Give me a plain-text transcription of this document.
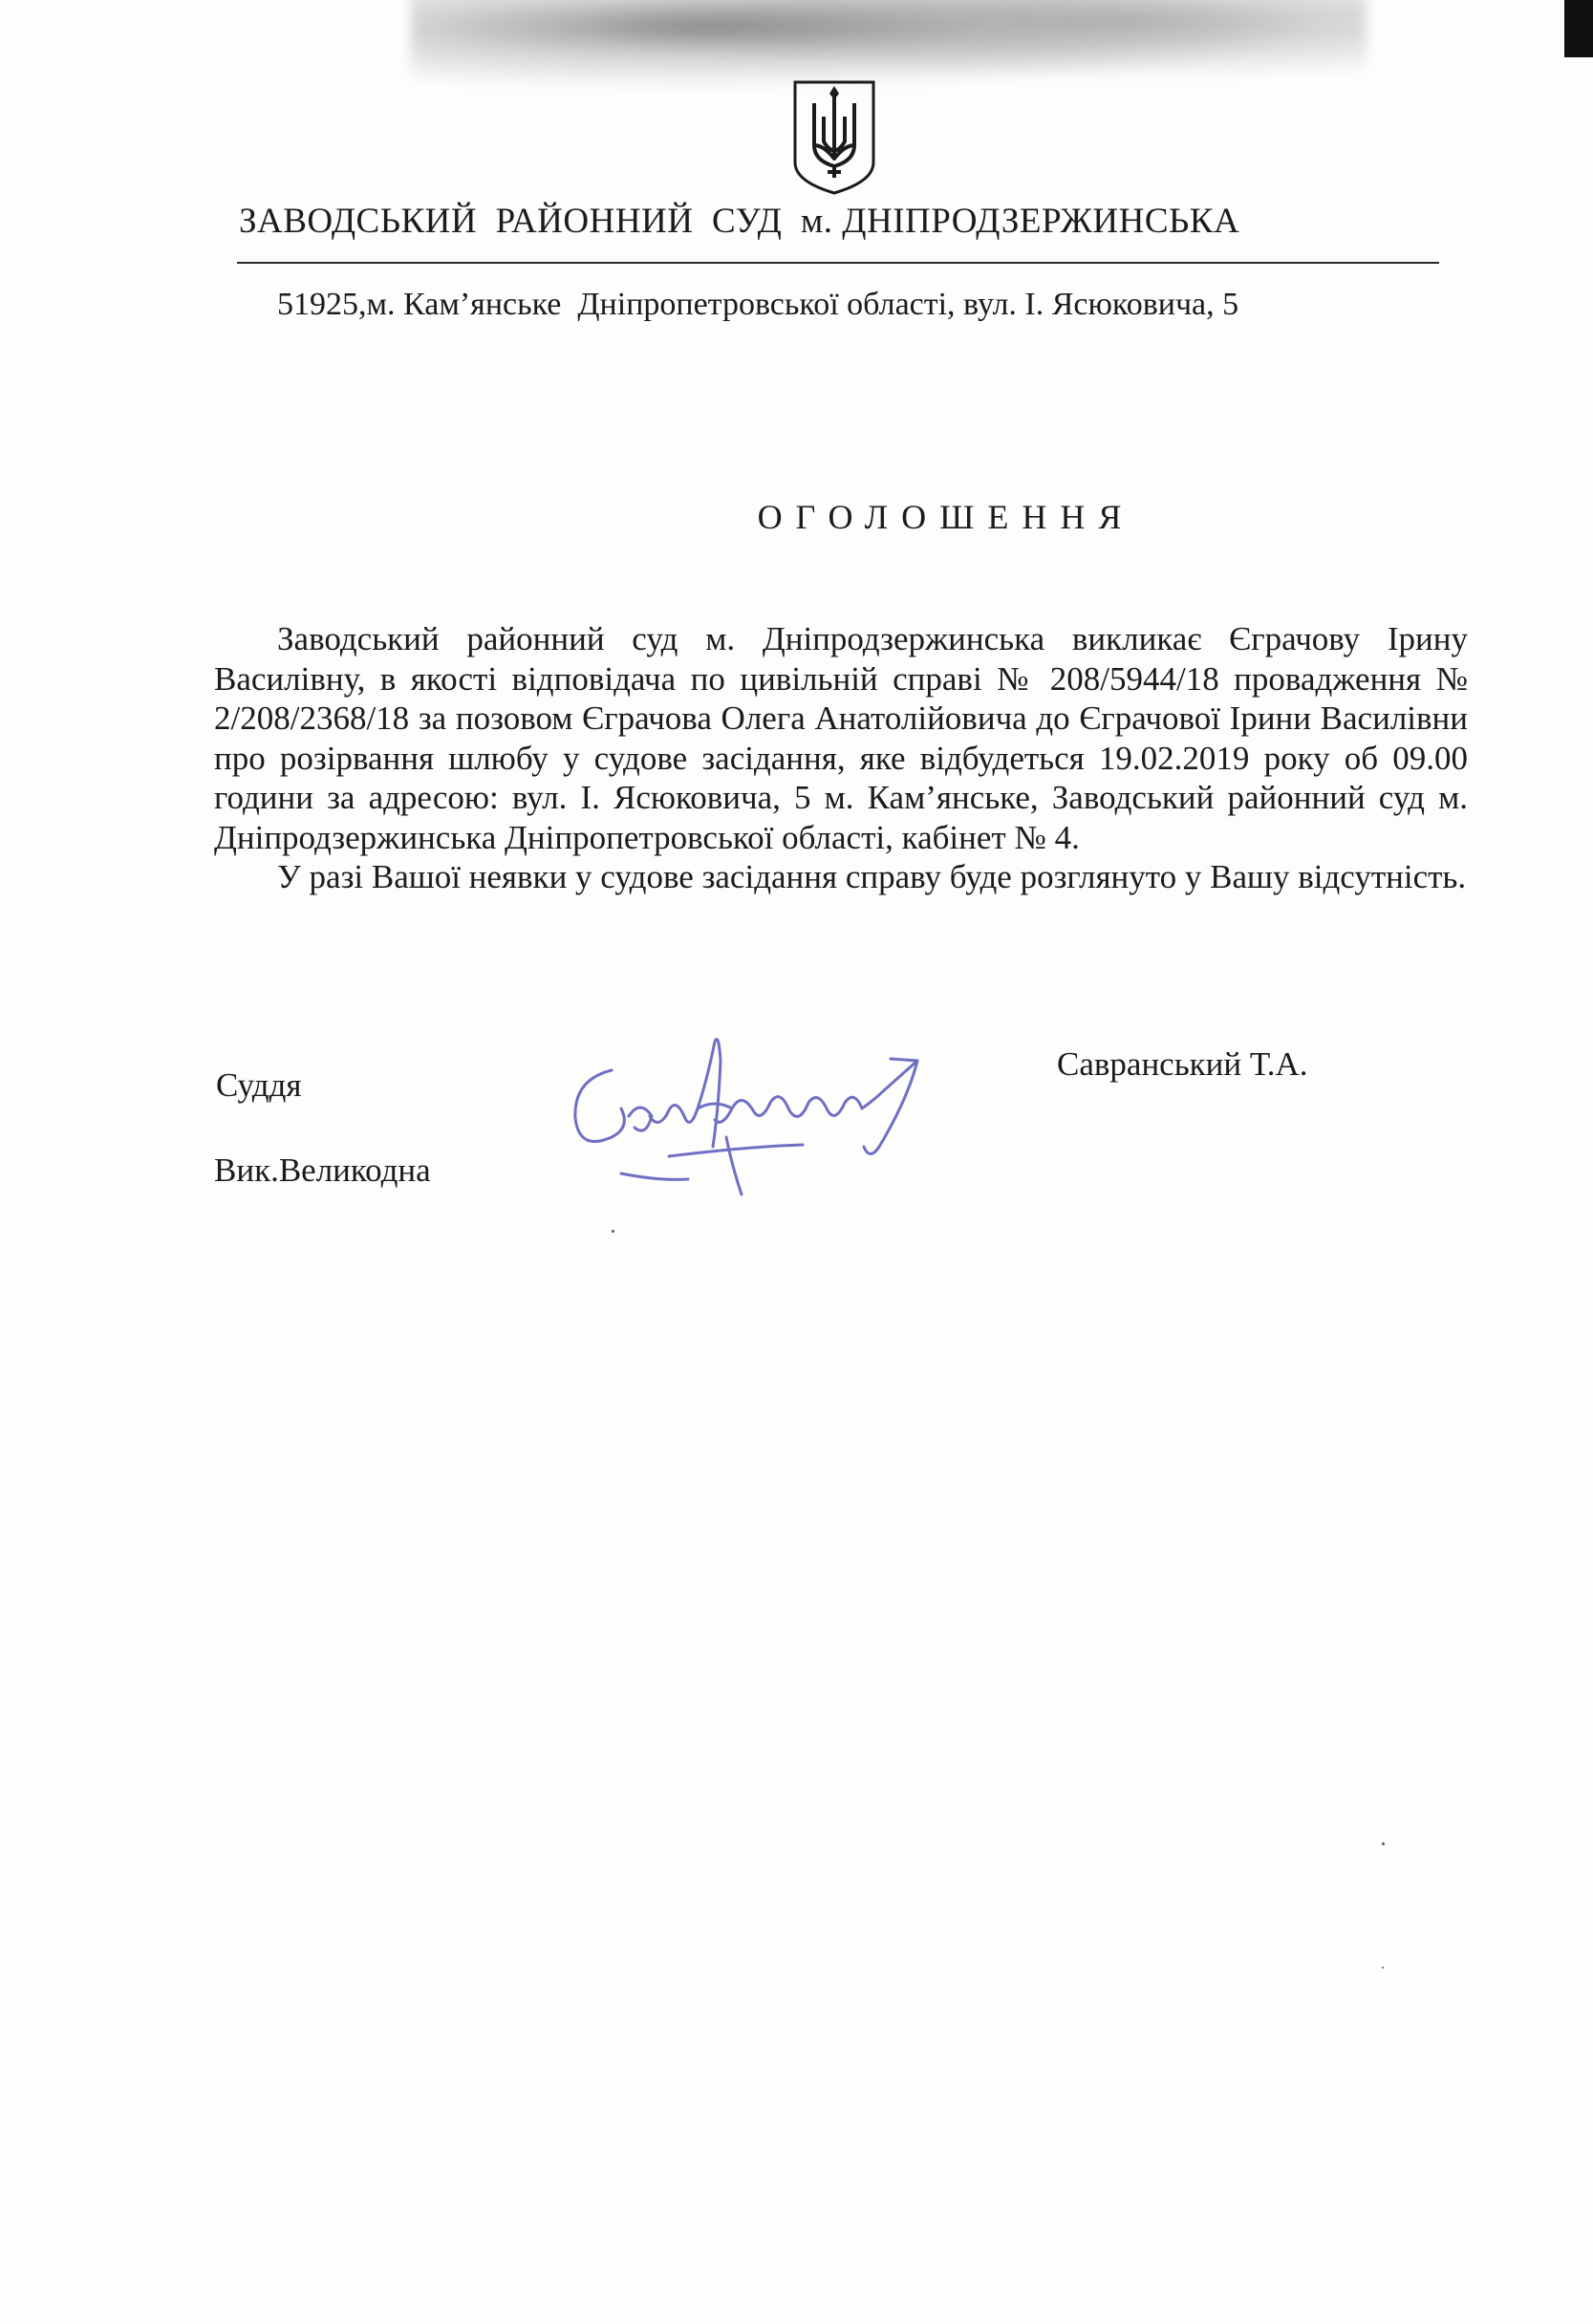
ЗАВОДСЬКИЙ  РАЙОННИЙ  СУД  м. ДНІПРОДЗЕРЖИНСЬКА
51925,м. Кам’янське  Дніпропетровської області, вул. І. Ясюковича, 5
ОГОЛОШЕННЯ

Заводський районний суд м. Дніпродзержинська викликає Єграчову Ірину Василівну, в якості відповідача по цивільній справі № 208/5944/18 провадження № 2/208/2368/18 за позовом Єграчова Олега Анатолійовича до Єграчової Ірини Василівни про розірвання шлюбу у судове засідання, яке відбудеться 19.02.2019 року об 09.00 години за адресою: вул. І. Ясюковича, 5 м. Кам’янське, Заводський районний суд м. Дніпродзержинська Дніпропетровської області, кабінет № 4.

У разі Вашої неявки у судове засідання справу буде розглянуто у Вашу відсутність.

Суддя
Савранський Т.А.
Вик.Великодна
